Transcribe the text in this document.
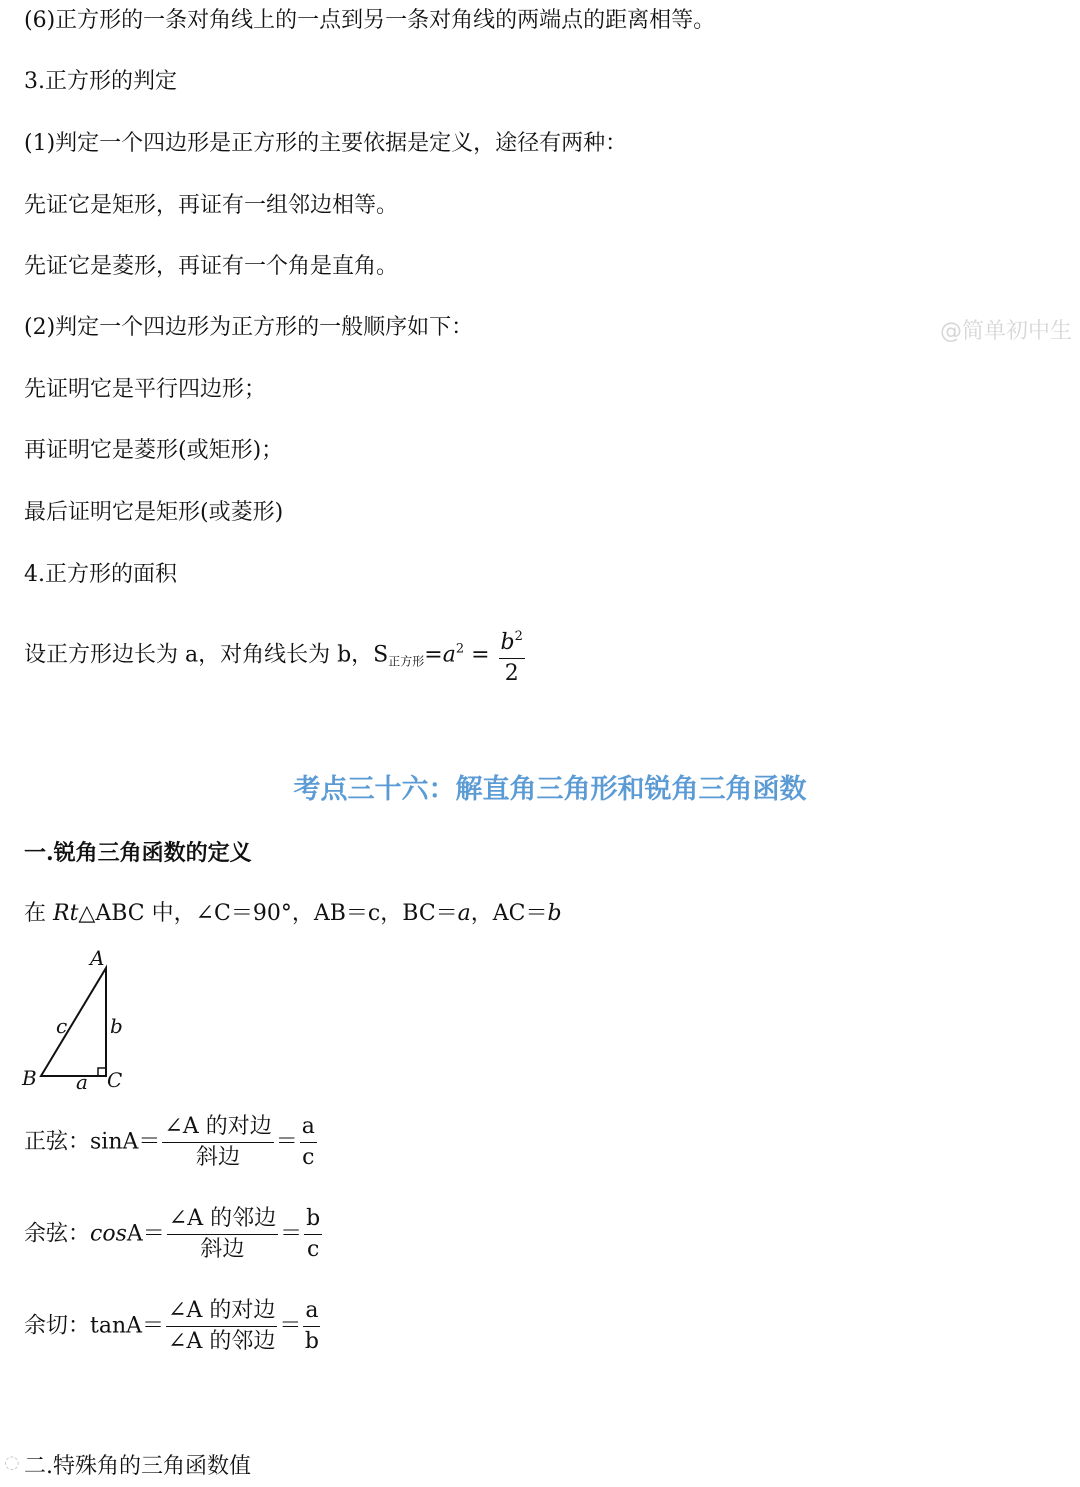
(6)正方形的一条对角线上的一点到另一条对角线的两端点的距离相等。
3.正方形的判定
(1)判定一个四边形是正方形的主要依据是定义，途径有两种：
先证它是矩形，再证有一组邻边相等。
先证它是菱形，再证有一个角是直角。
(2)判定一个四边形为正方形的一般顺序如下：	@简单初中生
先证明它是平行四边形；
再证明它是菱形(或矩形)；
最后证明它是矩形(或菱形)
4.正方形的面积
设正方形边长为 a，对角线长为 b，$S_{正方形}=a^2 = \frac{b^2}{2}$
考点三十六：解直角三角形和锐角三角函数
一.锐角三角函数的定义
在 Rt△ABC 中，∠C＝90°，AB＝c，BC＝a，AC＝b
A
B	C
a
b
c
正弦：$\sin A= \frac{\text{∠A 的对边}}{\text{斜边}} = \frac{a}{c}$
余弦：$\cos A= \frac{\text{∠A 的邻边}}{\text{斜边}} = \frac{b}{c}$
余切：$\tan A= \frac{\text{∠A 的对边}}{\text{∠A 的邻边}} = \frac{a}{b}$
二.特殊角的三角函数值
◌
